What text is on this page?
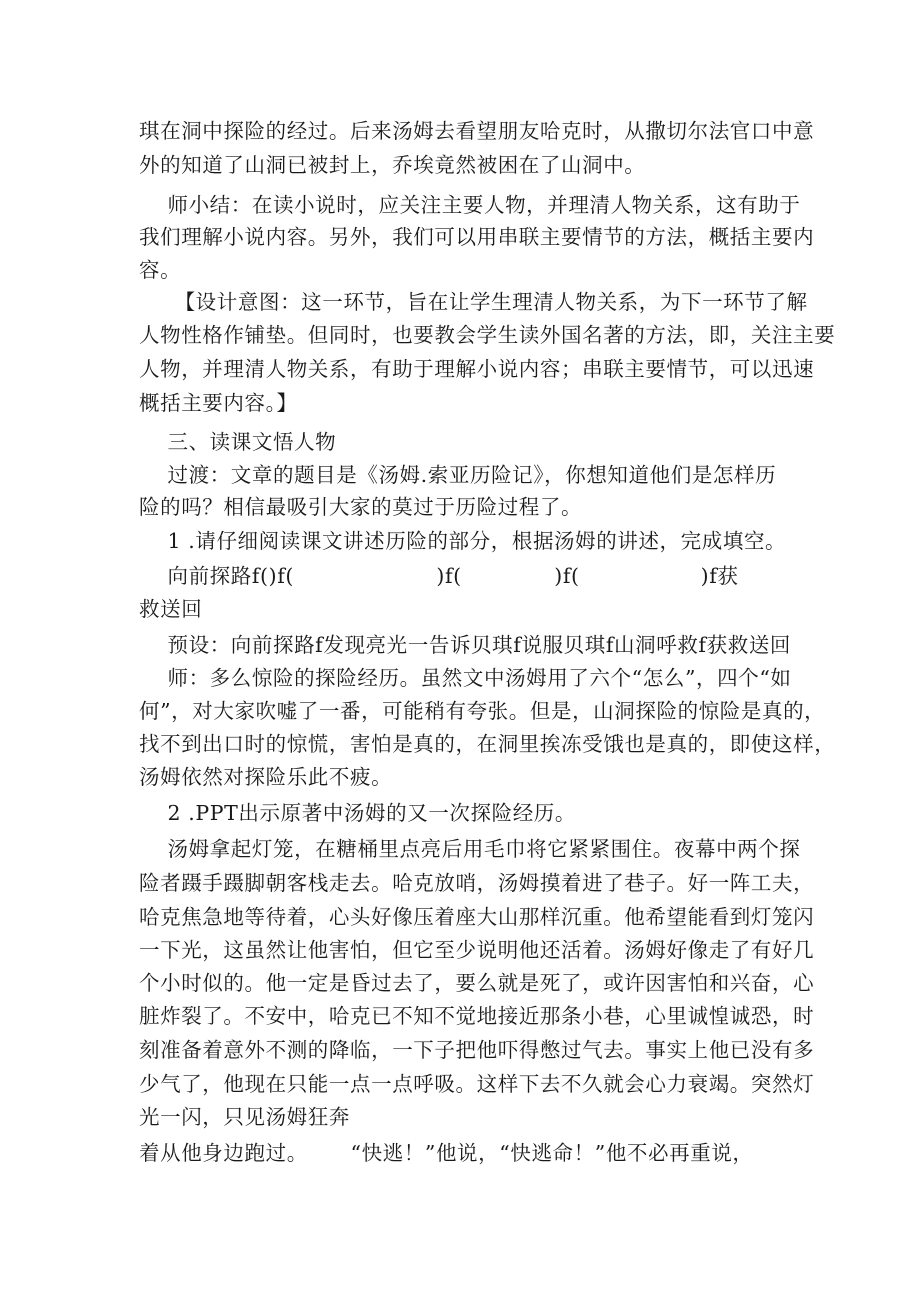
琪在洞中探险的经过。后来汤姆去看望朋友哈克时，从撒切尔法官口中意
外的知道了山洞已被封上，乔埃竟然被困在了山洞中。
师小结：在读小说时，应关注主要人物，并理清人物关系，这有助于
我们理解小说内容。另外，我们可以用串联主要情节的方法，概括主要内
容。
【设计意图：这一环节，旨在让学生理清人物关系，为下一环节了解
人物性格作铺垫。但同时，也要教会学生读外国名著的方法，即，关注主要
人物，并理清人物关系，有助于理解小说内容；串联主要情节，可以迅速
概括主要内容。】
三、读课文悟人物
过渡：文章的题目是《汤姆.索亚历险记》，你想知道他们是怎样历
险的吗？相信最吸引大家的莫过于历险过程了。
1 .请仔细阅读课文讲述历险的部分，根据汤姆的讲述，完成填空。
向前探路f()f(                    )f(             )f(                 )f获
救送回
预设：向前探路f发现亮光一告诉贝琪f说服贝琪f山洞呼救f获救送回
师：多么惊险的探险经历。虽然文中汤姆用了六个“怎么”，四个“如
何”，对大家吹嘘了一番，可能稍有夸张。但是，山洞探险的惊险是真的，
找不到出口时的惊慌，害怕是真的，在洞里挨冻受饿也是真的，即使这样，
汤姆依然对探险乐此不疲。
2 .PPT出示原著中汤姆的又一次探险经历。
汤姆拿起灯笼，在糖桶里点亮后用毛巾将它紧紧围住。夜幕中两个探
险者蹑手蹑脚朝客栈走去。哈克放哨，汤姆摸着进了巷子。好一阵工夫，
哈克焦急地等待着，心头好像压着座大山那样沉重。他希望能看到灯笼闪
一下光，这虽然让他害怕，但它至少说明他还活着。汤姆好像走了有好几
个小时似的。他一定是昏过去了，要么就是死了，或许因害怕和兴奋，心
脏炸裂了。不安中，哈克已不知不觉地接近那条小巷，心里诚惶诚恐，时
刻准备着意外不测的降临，一下子把他吓得憋过气去。事实上他已没有多
少气了，他现在只能一点一点呼吸。这样下去不久就会心力衰竭。突然灯
光一闪，只见汤姆狂奔
着从他身边跑过。      “快逃！”他说，“快逃命！”他不必再重说，
